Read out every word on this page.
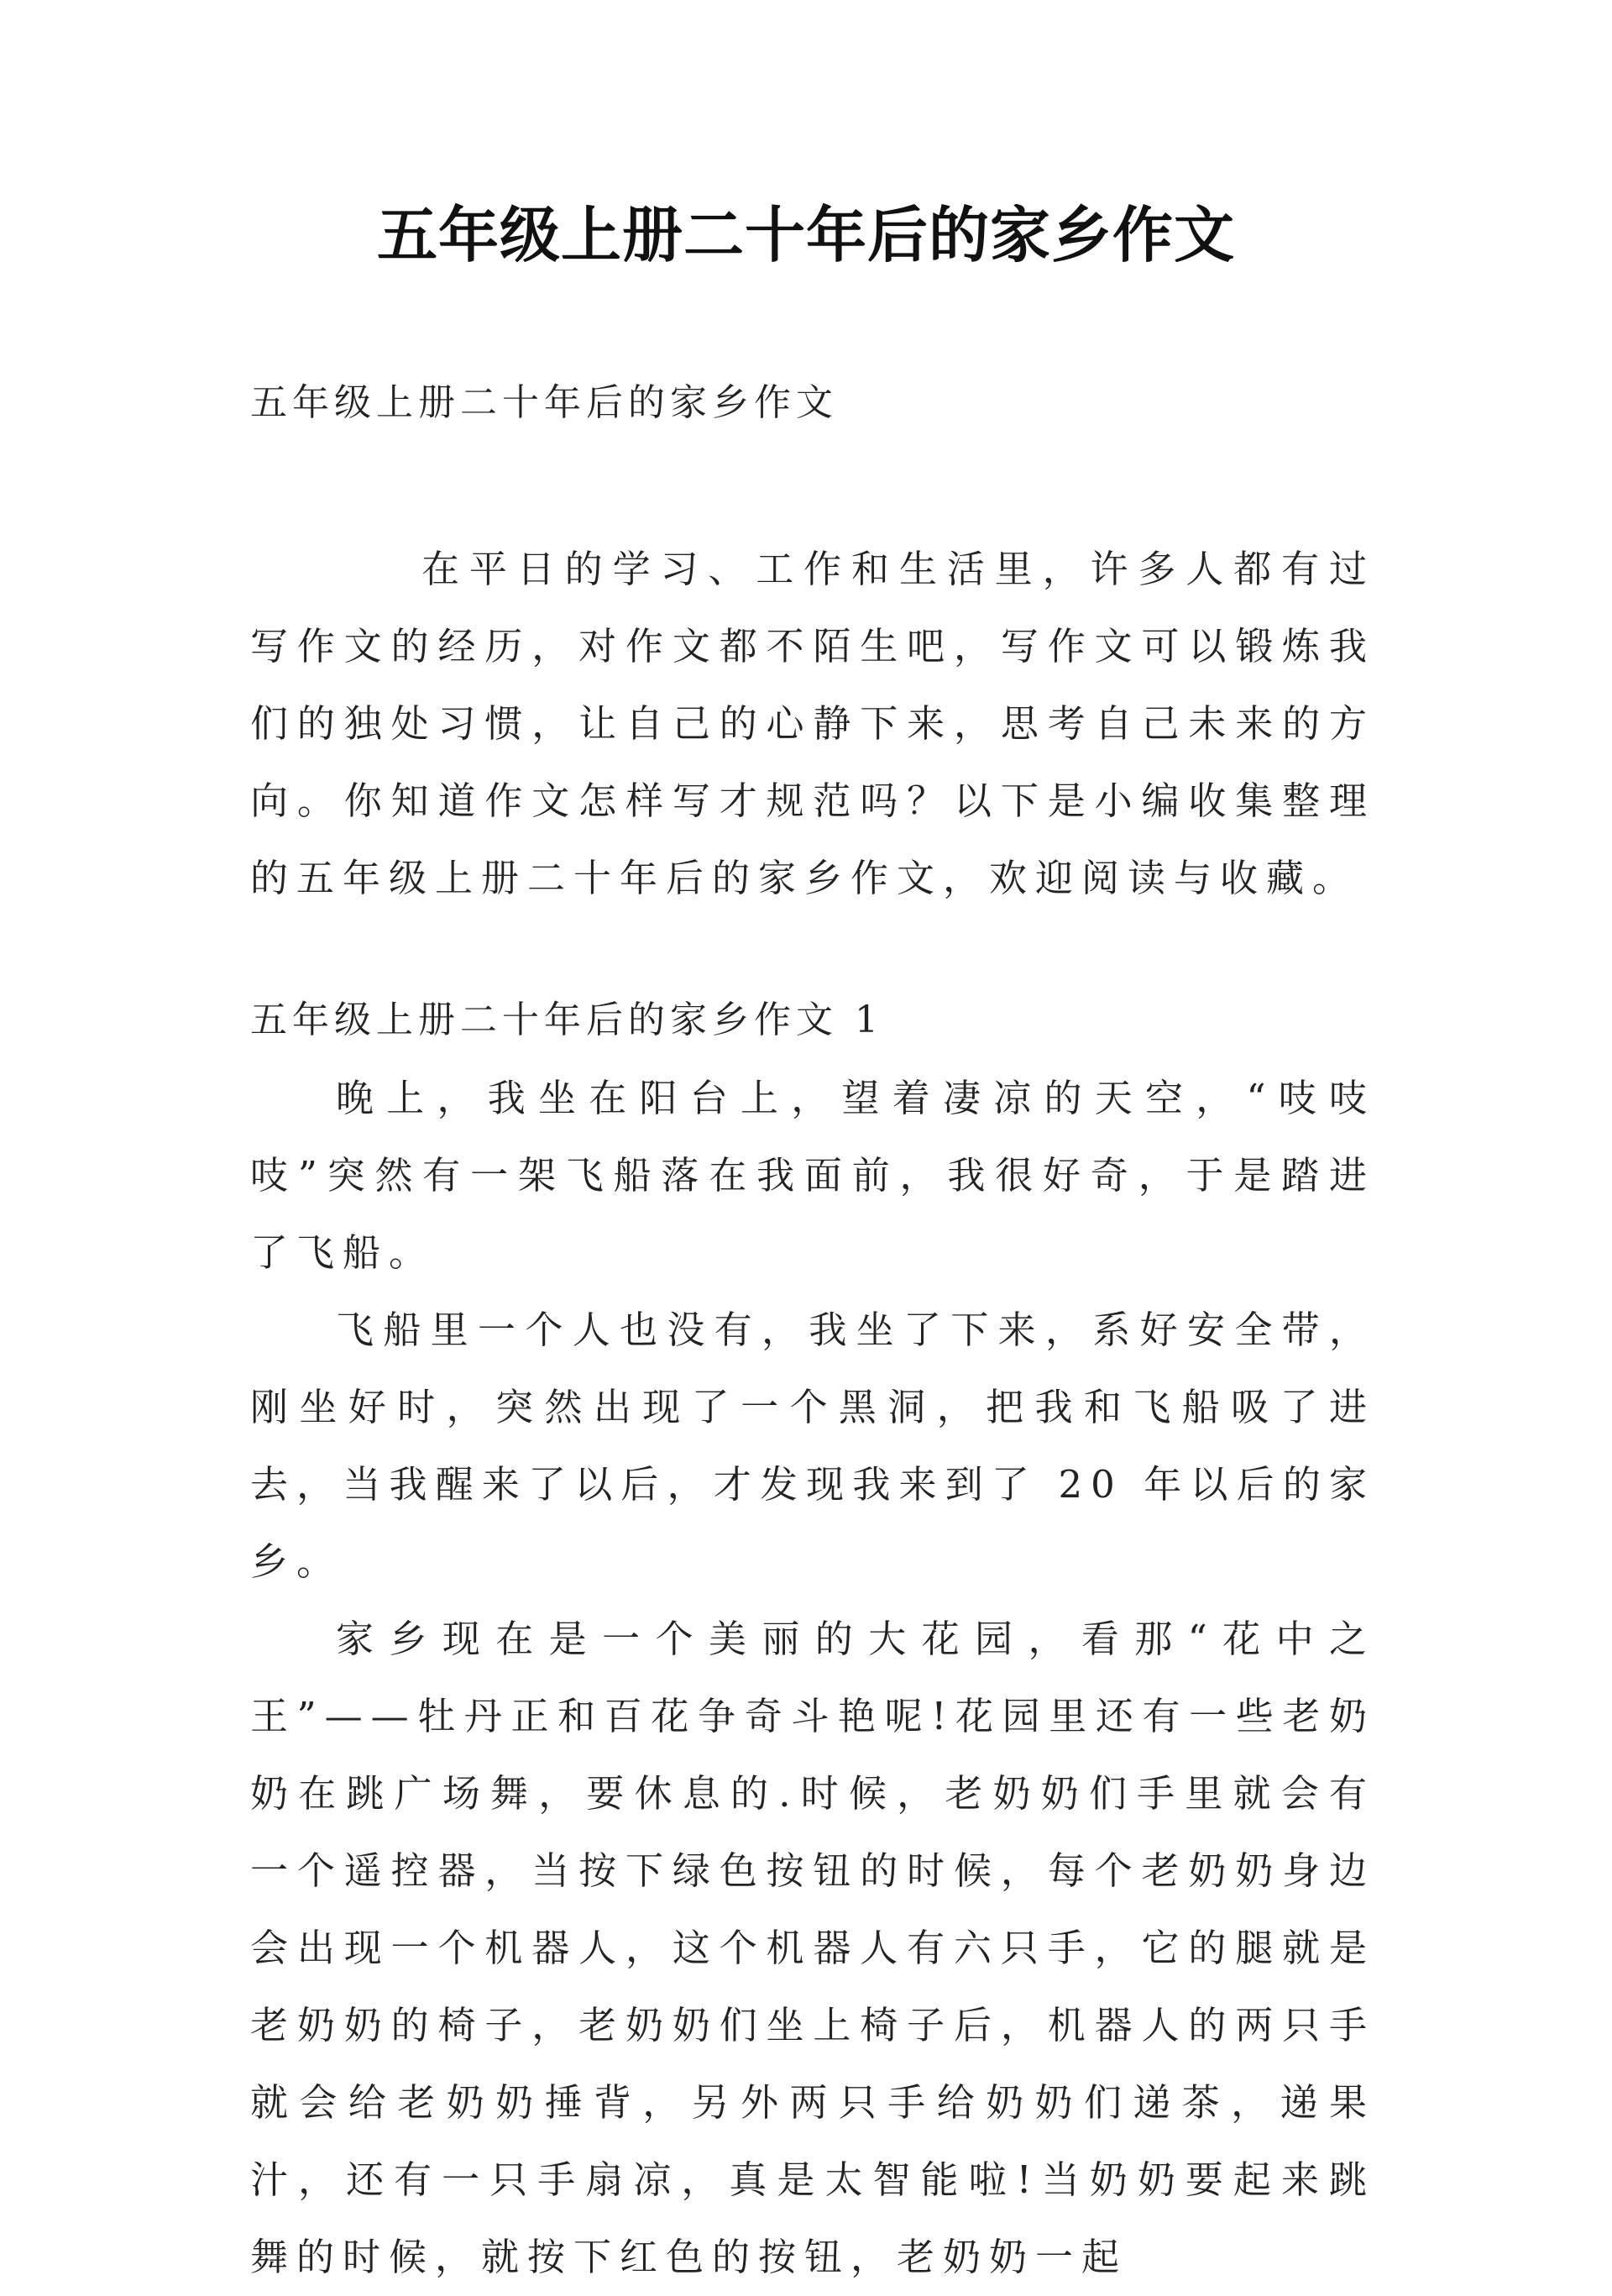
五年级上册二十年后的家乡作文
五年级上册二十年后的家乡作文
在平日的学习、工作和生活里，许多人都有过写作文的经历，对作文都不陌生吧，写作文可以锻炼我们的独处习惯，让自己的心静下来，思考自己未来的方向。你知道作文怎样写才规范吗？以下是小编收集整理的五年级上册二十年后的家乡作文，欢迎阅读与收藏。
五年级上册二十年后的家乡作文 1

晚上，我坐在阳台上，望着凄凉的天空，“吱吱吱”突然有一架飞船落在我面前，我很好奇，于是踏进了飞船。

飞船里一个人也没有，我坐了下来，系好安全带，刚坐好时，突然出现了一个黑洞，把我和飞船吸了进去，当我醒来了以后，才发现我来到了 20 年以后的家乡。

家乡现在是一个美丽的大花园，看那“花中之王”——牡丹正和百花争奇斗艳呢!花园里还有一些老奶奶在跳广场舞，要休息的.时候，老奶奶们手里就会有一个遥控器，当按下绿色按钮的时候，每个老奶奶身边会出现一个机器人，这个机器人有六只手，它的腿就是老奶奶的椅子，老奶奶们坐上椅子后，机器人的两只手就会给老奶奶捶背，另外两只手给奶奶们递茶，递果汁，还有一只手扇凉，真是太智能啦!当奶奶要起来跳舞的时候，就按下红色的按钮，老奶奶一起
